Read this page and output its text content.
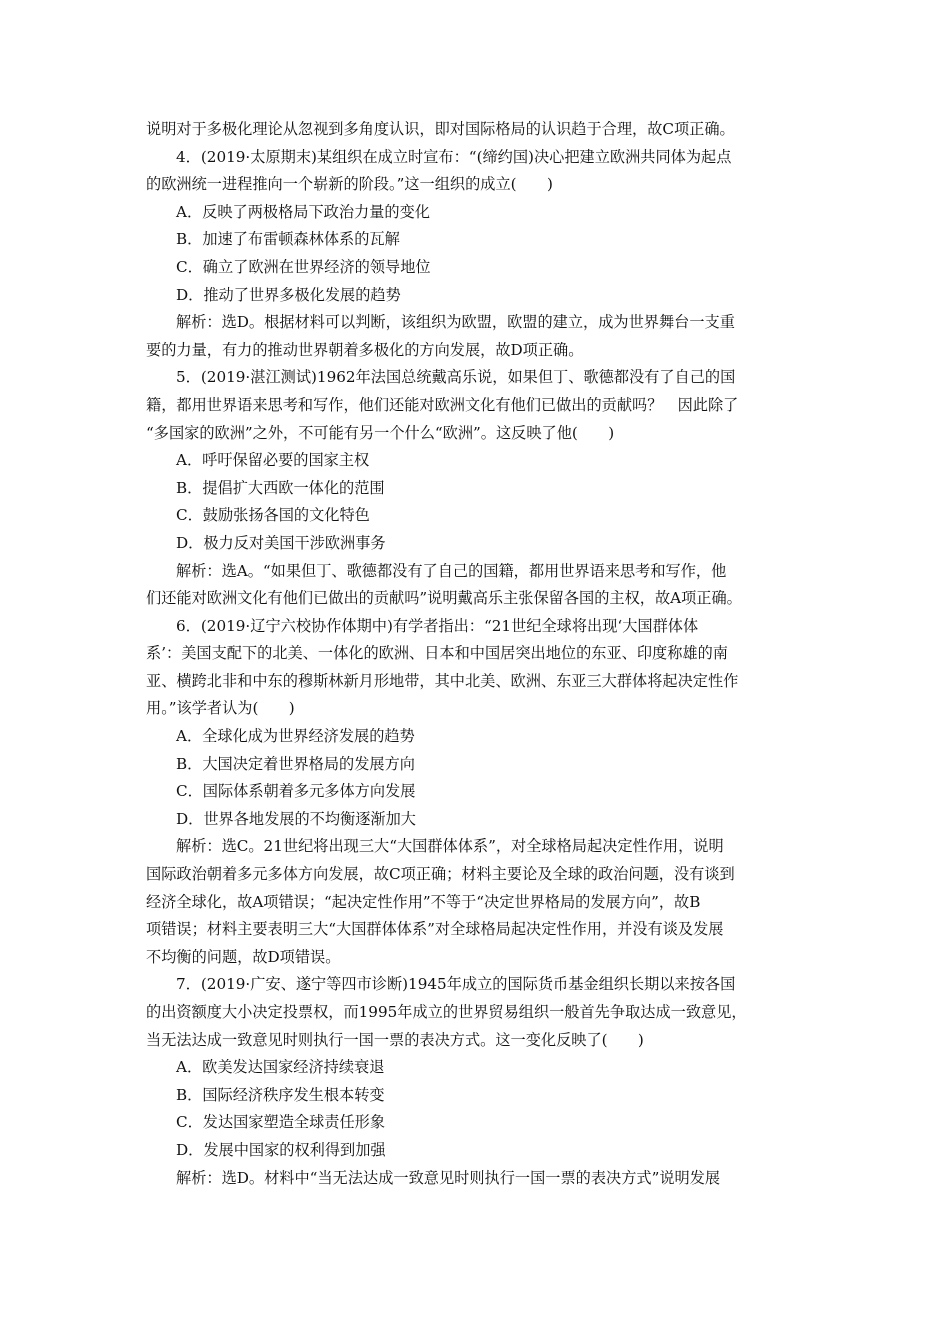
说明对于多极化理论从忽视到多角度认识，即对国际格局的认识趋于合理，故C项正确。
4．(2019·太原期末)某组织在成立时宣布：“(缔约国)决心把建立欧洲共同体为起点
的欧洲统一进程推向一个崭新的阶段。”这一组织的成立(　　)
A．反映了两极格局下政治力量的变化
B．加速了布雷顿森林体系的瓦解
C．确立了欧洲在世界经济的领导地位
D．推动了世界多极化发展的趋势
解析：选D。根据材料可以判断，该组织为欧盟，欧盟的建立，成为世界舞台一支重
要的力量，有力的推动世界朝着多极化的方向发展，故D项正确。
5．(2019·湛江测试)1962年法国总统戴高乐说，如果但丁、歌德都没有了自己的国
籍，都用世界语来思考和写作，他们还能对欧洲文化有他们已做出的贡献吗？　因此除了
“多国家的欧洲”之外，不可能有另一个什么“欧洲”。这反映了他(　　)
A．呼吁保留必要的国家主权
B．提倡扩大西欧一体化的范围
C．鼓励张扬各国的文化特色
D．极力反对美国干涉欧洲事务
解析：选A。“如果但丁、歌德都没有了自己的国籍，都用世界语来思考和写作，他
们还能对欧洲文化有他们已做出的贡献吗”说明戴高乐主张保留各国的主权，故A项正确。
6．(2019·辽宁六校协作体期中)有学者指出：“21世纪全球将出现‘大国群体体
系’：美国支配下的北美、一体化的欧洲、日本和中国居突出地位的东亚、印度称雄的南
亚、横跨北非和中东的穆斯林新月形地带，其中北美、欧洲、东亚三大群体将起决定性作
用。”该学者认为(　　)
A．全球化成为世界经济发展的趋势
B．大国决定着世界格局的发展方向
C．国际体系朝着多元多体方向发展
D．世界各地发展的不均衡逐渐加大
解析：选C。21世纪将出现三大“大国群体体系”，对全球格局起决定性作用，说明
国际政治朝着多元多体方向发展，故C项正确；材料主要论及全球的政治问题，没有谈到
经济全球化，故A项错误；“起决定性作用”不等于“决定世界格局的发展方向”，故B
项错误；材料主要表明三大“大国群体体系”对全球格局起决定性作用，并没有谈及发展
不均衡的问题，故D项错误。
7．(2019·广安、遂宁等四市诊断)1945年成立的国际货币基金组织长期以来按各国
的出资额度大小决定投票权，而1995年成立的世界贸易组织一般首先争取达成一致意见，
当无法达成一致意见时则执行一国一票的表决方式。这一变化反映了(　　)
A．欧美发达国家经济持续衰退
B．国际经济秩序发生根本转变
C．发达国家塑造全球责任形象
D．发展中国家的权利得到加强
解析：选D。材料中“当无法达成一致意见时则执行一国一票的表决方式”说明发展
